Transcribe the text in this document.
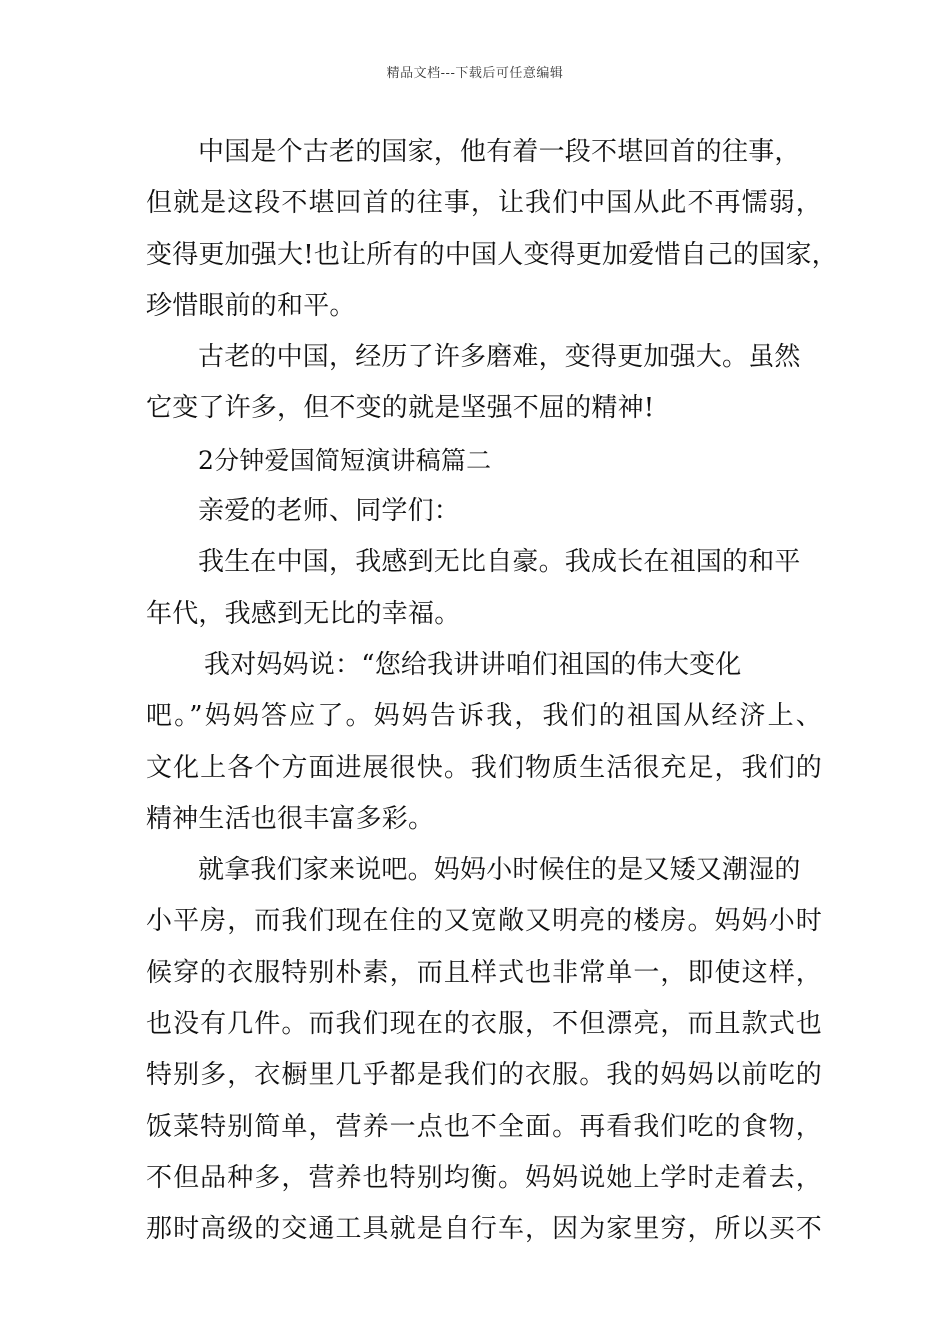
精品文档---下载后可任意编辑
中国是个古老的国家，他有着一段不堪回首的往事，
但就是这段不堪回首的往事，让我们中国从此不再懦弱，
变得更加强大!也让所有的中国人变得更加爱惜自己的国家，
珍惜眼前的和平。
古老的中国，经历了许多磨难，变得更加强大。虽然
它变了许多，但不变的就是坚强不屈的精神!
2分钟爱国简短演讲稿篇二
亲爱的老师、同学们：
我生在中国，我感到无比自豪。我成长在祖国的和平
年代，我感到无比的幸福。
我对妈妈说：“您给我讲讲咱们祖国的伟大变化
吧。”妈妈答应了。妈妈告诉我，我们的祖国从经济上、
文化上各个方面进展很快。我们物质生活很充足，我们的
精神生活也很丰富多彩。
就拿我们家来说吧。妈妈小时候住的是又矮又潮湿的
小平房，而我们现在住的又宽敞又明亮的楼房。妈妈小时
候穿的衣服特别朴素，而且样式也非常单一，即使这样，
也没有几件。而我们现在的衣服，不但漂亮，而且款式也
特别多，衣橱里几乎都是我们的衣服。我的妈妈以前吃的
饭菜特别简单，营养一点也不全面。再看我们吃的食物，
不但品种多，营养也特别均衡。妈妈说她上学时走着去，
那时高级的交通工具就是自行车，因为家里穷，所以买不
